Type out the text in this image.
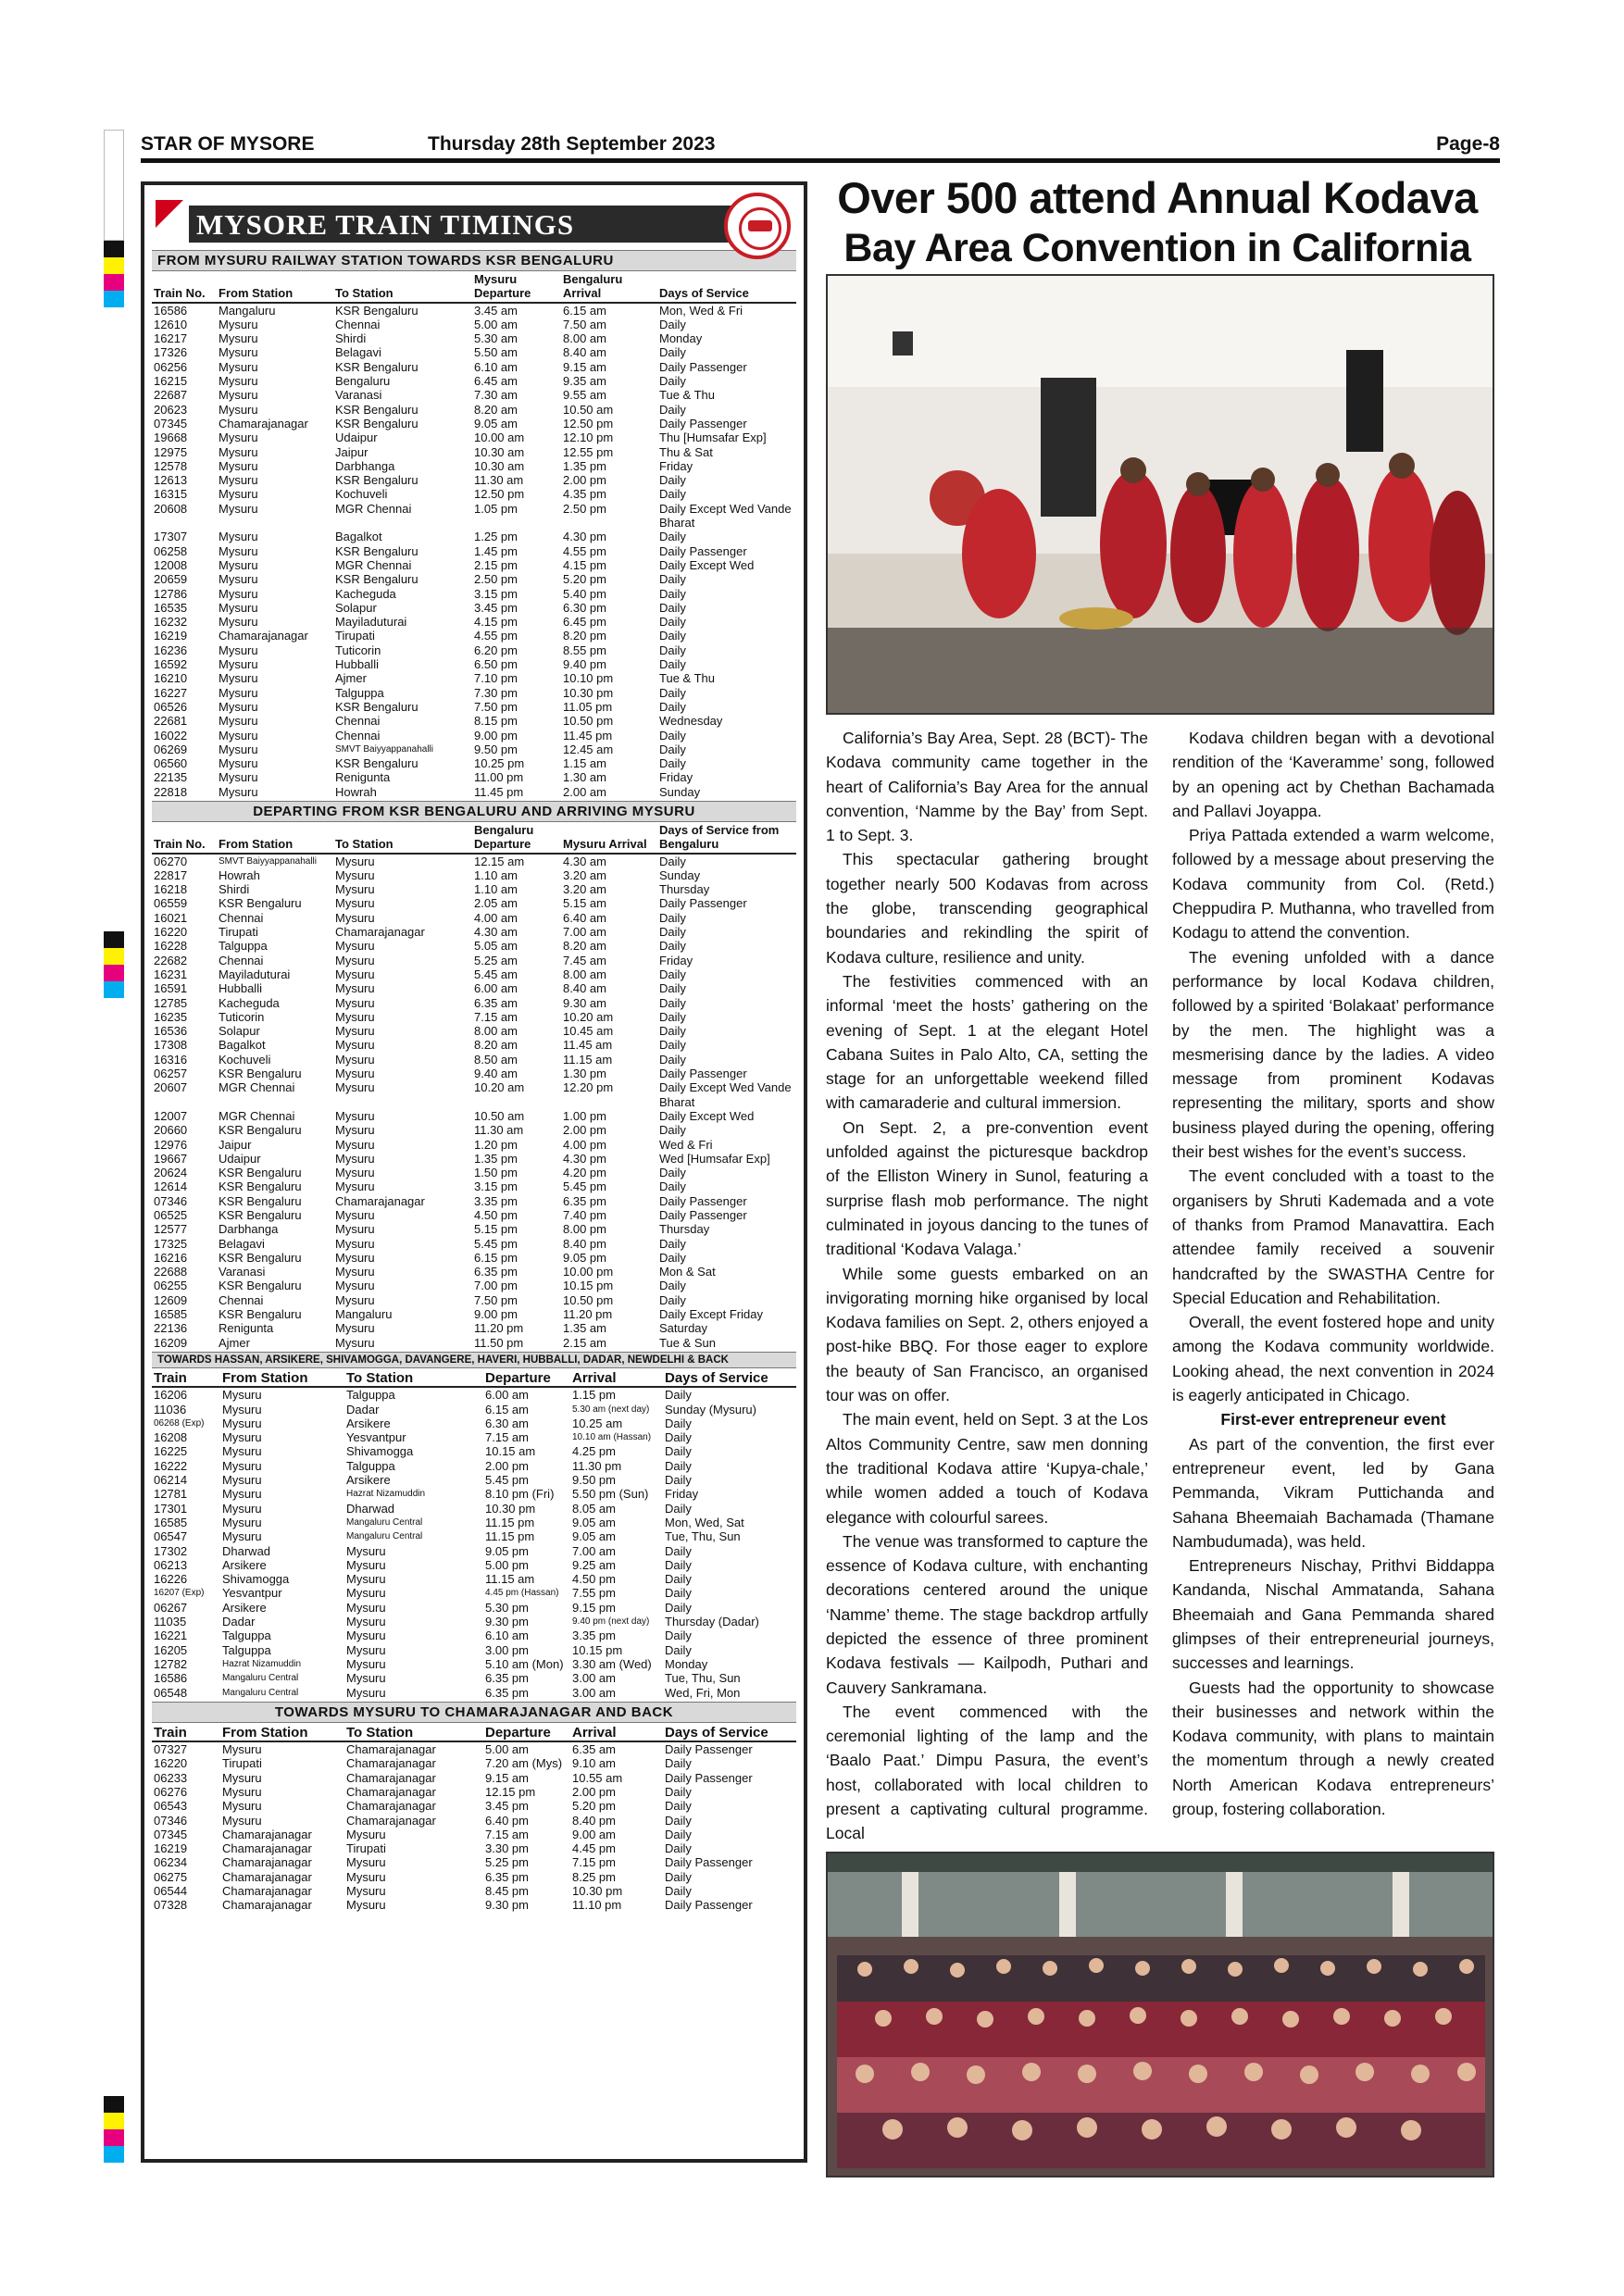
STAR OF MYSORE	Thursday 28th September 2023	Page-8
MYSORE TRAIN TIMINGS
FROM MYSURU RAILWAY STATION TOWARDS KSR BENGALURU
Train No.	From Station	To Station	Mysuru Departure	Bengaluru Arrival	Days of Service
16586	Mangaluru	KSR Bengaluru	3.45 am	6.15 am	Mon, Wed & Fri
12610	Mysuru	Chennai	5.00 am	7.50 am	Daily
16217	Mysuru	Shirdi	5.30 am	8.00 am	Monday
17326	Mysuru	Belagavi	5.50 am	8.40 am	Daily
06256	Mysuru	KSR Bengaluru	6.10 am	9.15 am	Daily Passenger
16215	Mysuru	Bengaluru	6.45 am	9.35 am	Daily
22687	Mysuru	Varanasi	7.30 am	9.55 am	Tue & Thu
20623	Mysuru	KSR Bengaluru	8.20 am	10.50 am	Daily
07345	Chamarajanagar	KSR Bengaluru	9.05 am	12.50 pm	Daily Passenger
19668	Mysuru	Udaipur	10.00 am	12.10 pm	Thu [Humsafar Exp]
12975	Mysuru	Jaipur	10.30 am	12.55 pm	Thu & Sat
12578	Mysuru	Darbhanga	10.30 am	1.35 pm	Friday
12613	Mysuru	KSR Bengaluru	11.30 am	2.00 pm	Daily
16315	Mysuru	Kochuveli	12.50 pm	4.35 pm	Daily
20608	Mysuru	MGR Chennai	1.05 pm	2.50 pm	Daily Except Wed Vande Bharat
17307	Mysuru	Bagalkot	1.25 pm	4.30 pm	Daily
06258	Mysuru	KSR Bengaluru	1.45 pm	4.55 pm	Daily Passenger
12008	Mysuru	MGR Chennai	2.15 pm	4.15 pm	Daily Except Wed
20659	Mysuru	KSR Bengaluru	2.50 pm	5.20 pm	Daily
12786	Mysuru	Kacheguda	3.15 pm	5.40 pm	Daily
16535	Mysuru	Solapur	3.45 pm	6.30 pm	Daily
16232	Mysuru	Mayiladuturai	4.15 pm	6.45 pm	Daily
16219	Chamarajanagar	Tirupati	4.55 pm	8.20 pm	Daily
16236	Mysuru	Tuticorin	6.20 pm	8.55 pm	Daily
16592	Mysuru	Hubballi	6.50 pm	9.40 pm	Daily
16210	Mysuru	Ajmer	7.10 pm	10.10 pm	Tue & Thu
16227	Mysuru	Talguppa	7.30 pm	10.30 pm	Daily
06526	Mysuru	KSR Bengaluru	7.50 pm	11.05 pm	Daily
22681	Mysuru	Chennai	8.15 pm	10.50 pm	Wednesday
16022	Mysuru	Chennai	9.00 pm	11.45 pm	Daily
06269	Mysuru	SMVT Baiyyappanahalli	9.50 pm	12.45 am	Daily
06560	Mysuru	KSR Bengaluru	10.25 pm	1.15 am	Daily
22135	Mysuru	Renigunta	11.00 pm	1.30 am	Friday
22818	Mysuru	Howrah	11.45 pm	2.00 am	Sunday
DEPARTING FROM KSR BENGALURU AND ARRIVING MYSURU
Train No.	From Station	To Station	Bengaluru Departure	Mysuru Arrival	Days of Service from Bengaluru
06270	SMVT Baiyyappanahalli	Mysuru	12.15 am	4.30 am	Daily
22817	Howrah	Mysuru	1.10 am	3.20 am	Sunday
16218	Shirdi	Mysuru	1.10 am	3.20 am	Thursday
06559	KSR Bengaluru	Mysuru	2.05 am	5.15 am	Daily Passenger
16021	Chennai	Mysuru	4.00 am	6.40 am	Daily
16220	Tirupati	Chamarajanagar	4.30 am	7.00 am	Daily
16228	Talguppa	Mysuru	5.05 am	8.20 am	Daily
22682	Chennai	Mysuru	5.25 am	7.45 am	Friday
16231	Mayiladuturai	Mysuru	5.45 am	8.00 am	Daily
16591	Hubballi	Mysuru	6.00 am	8.40 am	Daily
12785	Kacheguda	Mysuru	6.35 am	9.30 am	Daily
16235	Tuticorin	Mysuru	7.15 am	10.20 am	Daily
16536	Solapur	Mysuru	8.00 am	10.45 am	Daily
17308	Bagalkot	Mysuru	8.20 am	11.45 am	Daily
16316	Kochuveli	Mysuru	8.50 am	11.15 am	Daily
06257	KSR Bengaluru	Mysuru	9.40 am	1.30 pm	Daily Passenger
20607	MGR Chennai	Mysuru	10.20 am	12.20 pm	Daily Except Wed Vande Bharat
12007	MGR Chennai	Mysuru	10.50 am	1.00 pm	Daily Except Wed
20660	KSR Bengaluru	Mysuru	11.30 am	2.00 pm	Daily
12976	Jaipur	Mysuru	1.20 pm	4.00 pm	Wed & Fri
19667	Udaipur	Mysuru	1.35 pm	4.30 pm	Wed [Humsafar Exp]
20624	KSR Bengaluru	Mysuru	1.50 pm	4.20 pm	Daily
12614	KSR Bengaluru	Mysuru	3.15 pm	5.45 pm	Daily
07346	KSR Bengaluru	Chamarajanagar	3.35 pm	6.35 pm	Daily Passenger
06525	KSR Bengaluru	Mysuru	4.50 pm	7.40 pm	Daily Passenger
12577	Darbhanga	Mysuru	5.15 pm	8.00 pm	Thursday
17325	Belagavi	Mysuru	5.45 pm	8.40 pm	Daily
16216	KSR Bengaluru	Mysuru	6.15 pm	9.05 pm	Daily
22688	Varanasi	Mysuru	6.35 pm	10.00 pm	Mon & Sat
06255	KSR Bengaluru	Mysuru	7.00 pm	10.15 pm	Daily
12609	Chennai	Mysuru	7.50 pm	10.50 pm	Daily
16585	KSR Bengaluru	Mangaluru	9.00 pm	11.20 pm	Daily Except Friday
22136	Renigunta	Mysuru	11.20 pm	1.35 am	Saturday
16209	Ajmer	Mysuru	11.50 pm	2.15 am	Tue & Sun
TOWARDS HASSAN, ARSIKERE, SHIVAMOGGA, DAVANGERE, HAVERI, HUBBALLI, DADAR, NEWDELHI & BACK
Train	From Station	To Station	Departure	Arrival	Days of Service
16206	Mysuru	Talguppa	6.00 am	1.15 pm	Daily
11036	Mysuru	Dadar	6.15 am	5.30 am (next day)	Sunday (Mysuru)
06268 (Exp)	Mysuru	Arsikere	6.30 am	10.25 am	Daily
16208	Mysuru	Yesvantpur	7.15 am	10.10 am (Hassan)	Daily
16225	Mysuru	Shivamogga	10.15 am	4.25 pm	Daily
16222	Mysuru	Talguppa	2.00 pm	11.30 pm	Daily
06214	Mysuru	Arsikere	5.45 pm	9.50 pm	Daily
12781	Mysuru	Hazrat Nizamuddin	8.10 pm (Fri)	5.50 pm (Sun)	Friday
17301	Mysuru	Dharwad	10.30 pm	8.05 am	Daily
16585	Mysuru	Mangaluru Central	11.15 pm	9.05 am	Mon, Wed, Sat
06547	Mysuru	Mangaluru Central	11.15 pm	9.05 am	Tue, Thu, Sun
17302	Dharwad	Mysuru	9.05 pm	7.00 am	Daily
06213	Arsikere	Mysuru	5.00 pm	9.25 am	Daily
16226	Shivamogga	Mysuru	11.15 am	4.50 pm	Daily
16207 (Exp)	Yesvantpur	Mysuru	4.45 pm (Hassan)	7.55 pm	Daily
06267	Arsikere	Mysuru	5.30 pm	9.15 pm	Daily
11035	Dadar	Mysuru	9.30 pm	9.40 pm (next day)	Thursday (Dadar)
16221	Talguppa	Mysuru	6.10 am	3.35 pm	Daily
16205	Talguppa	Mysuru	3.00 pm	10.15 pm	Daily
12782	Hazrat Nizamuddin	Mysuru	5.10 am (Mon)	3.30 am (Wed)	Monday
16586	Mangaluru Central	Mysuru	6.35 pm	3.00 am	Tue, Thu, Sun
06548	Mangaluru Central	Mysuru	6.35 pm	3.00 am	Wed, Fri, Mon
TOWARDS MYSURU TO CHAMARAJANAGAR AND BACK
Train	From Station	To Station	Departure	Arrival	Days of Service
07327	Mysuru	Chamarajanagar	5.00 am	6.35 am	Daily Passenger
16220	Tirupati	Chamarajanagar	7.20 am (Mys)	9.10 am	Daily
06233	Mysuru	Chamarajanagar	9.15 am	10.55 am	Daily Passenger
06276	Mysuru	Chamarajanagar	12.15 pm	2.00 pm	Daily
06543	Mysuru	Chamarajanagar	3.45 pm	5.20 pm	Daily
07346	Mysuru	Chamarajanagar	6.40 pm	8.40 pm	Daily
07345	Chamarajanagar	Mysuru	7.15 am	9.00 am	Daily
16219	Chamarajanagar	Tirupati	3.30 pm	4.45 pm	Daily
06234	Chamarajanagar	Mysuru	5.25 pm	7.15 pm	Daily Passenger
06275	Chamarajanagar	Mysuru	6.35 pm	8.25 pm	Daily
06544	Chamarajanagar	Mysuru	8.45 pm	10.30 pm	Daily
07328	Chamarajanagar	Mysuru	9.30 pm	11.10 pm	Daily Passenger
Over 500 attend Annual Kodava
Bay Area Convention in California

California’s Bay Area, Sept. 28 (BCT)- The Kodava community came together in the heart of California’s Bay Area for the annual convention, ‘Namme by the Bay’ from Sept. 1 to Sept. 3.

This spectacular gathering brought together nearly 500 Kodavas from across the globe, transcending geographical boundaries and rekindling the spirit of Kodava culture, resilience and unity.

The festivities commenced with an informal ‘meet the hosts’ gathering on the evening of Sept. 1 at the elegant Hotel Cabana Suites in Palo Alto, CA, setting the stage for an unforgettable weekend filled with camaraderie and cultural immersion.

On Sept. 2, a pre-convention event unfolded against the picturesque backdrop of the Elliston Winery in Sunol, featuring a surprise flash mob performance. The night culminated in joyous dancing to the tunes of traditional ‘Kodava Valaga.’

While some guests embarked on an invigorating morning hike organised by local Kodava families on Sept. 2, others enjoyed a post-hike BBQ. For those eager to explore the beauty of San Francisco, an organised tour was on offer.

The main event, held on Sept. 3 at the Los Altos Community Centre, saw men donning the traditional Kodava attire ‘Kupya-chale,’ while women added a touch of Kodava elegance with colourful sarees.

The venue was transformed to capture the essence of Kodava culture, with enchanting decorations centered around the unique ‘Namme’ theme. The stage backdrop artfully depicted the essence of three prominent Kodava festivals — Kailpodh, Puthari and Cauvery Sankramana.

The event commenced with the ceremonial lighting of the lamp and the ‘Baalo Paat.’ Dimpu Pasura, the event’s host, collaborated with local children to present a captivating cultural programme. Local

Kodava children began with a devotional rendition of the ‘Kaveramme’ song, followed by an opening act by Chethan Bachamada and Pallavi Joyappa.

Priya Pattada extended a warm welcome, followed by a message about preserving the Kodava community from Col. (Retd.) Cheppudira P. Muthanna, who travelled from Kodagu to attend the convention.

The evening unfolded with a dance performance by local Kodava children, followed by a spirited ‘Bolakaat’ performance by the men. The highlight was a mesmerising dance by the ladies. A video message from prominent Kodavas representing the military, sports and show business played during the opening, offering their best wishes for the event’s success.

The event concluded with a toast to the organisers by Shruti Kademada and a vote of thanks from Pramod Manavattira. Each attendee family received a souvenir handcrafted by the SWASTHA Centre for Special Education and Rehabilitation.

Overall, the event fostered hope and unity among the Kodava community worldwide. Looking ahead, the next convention in 2024 is eagerly anticipated in Chicago.

First-ever entrepreneur event

As part of the convention, the first ever entrepreneur event, led by Gana Pemmanda, Vikram Puttichanda and Sahana Bheemaiah Bachamada (Thamane Nambudumada), was held.

Entrepreneurs Nischay, Prithvi Biddappa Kandanda, Nischal Ammatanda, Sahana Bheemaiah and Gana Pemmanda shared glimpses of their entrepreneurial journeys, successes and learnings.

Guests had the opportunity to showcase their businesses and network within the Kodava community, with plans to maintain the momentum through a newly created North American Kodava entrepreneurs’ group, fostering collaboration.
